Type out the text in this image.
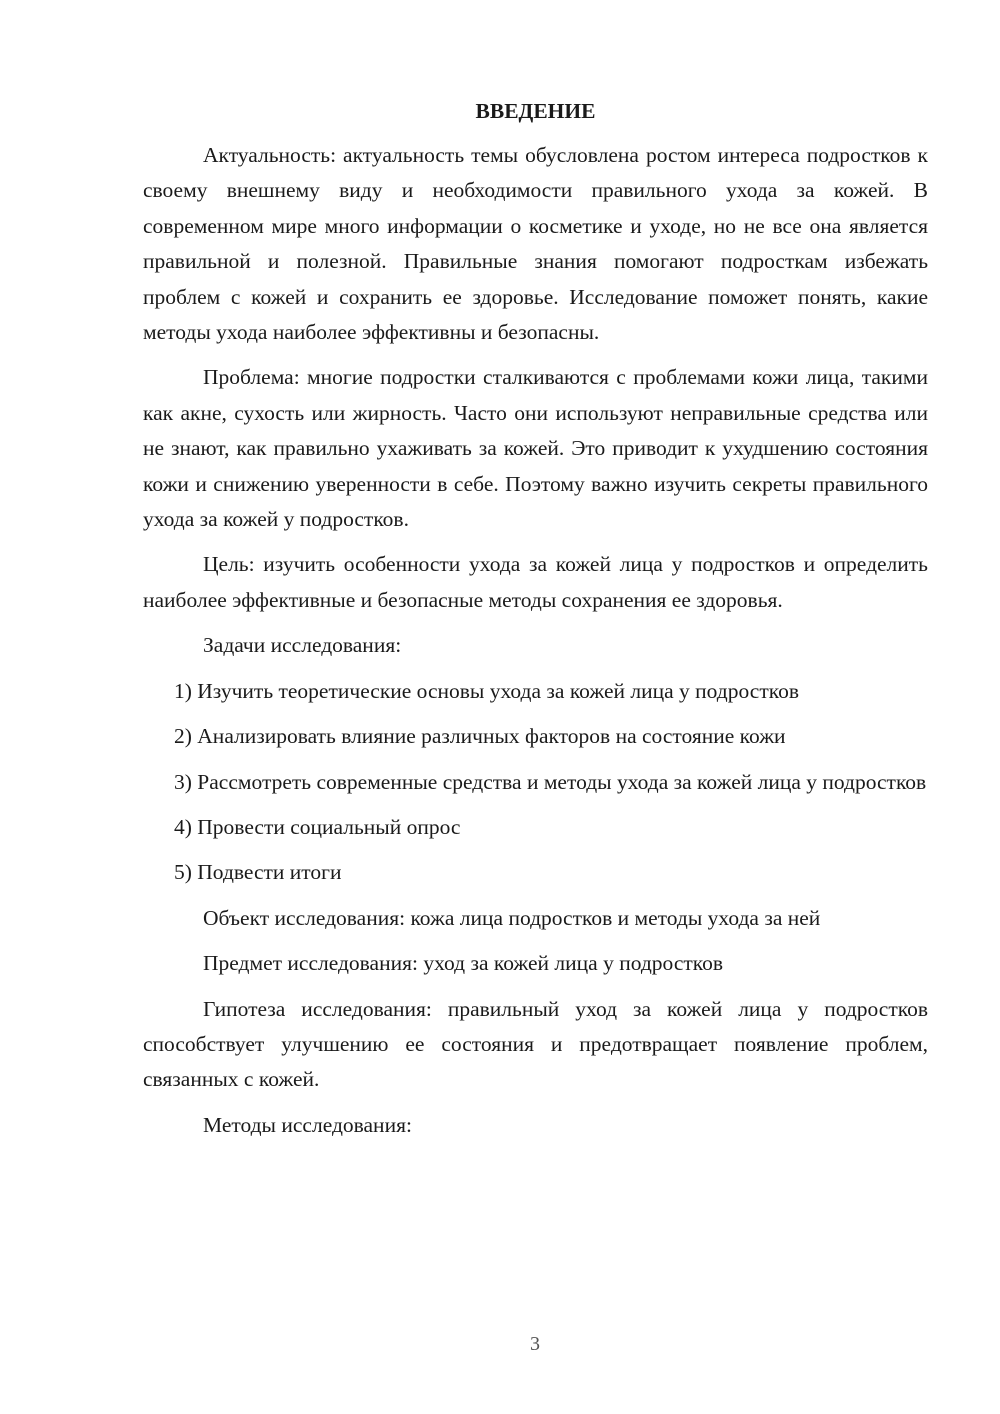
ВВЕДЕНИЕ

Актуальность: актуальность темы обусловлена ростом интереса подростков к своему внешнему виду и необходимости правильного ухода за кожей. В современном мире много информации о косметике и уходе, но не все она является правильной и полезной. Правильные знания помогают подросткам избежать проблем с кожей и сохранить ее здоровье. Исследование поможет понять, какие методы ухода наиболее эффективны и безопасны.

Проблема: многие подростки сталкиваются с проблемами кожи лица, такими как акне, сухость или жирность. Часто они используют неправильные средства или не знают, как правильно ухаживать за кожей. Это приводит к ухудшению состояния кожи и снижению уверенности в себе. Поэтому важно изучить секреты правильного ухода за кожей у подростков.

Цель: изучить особенности ухода за кожей лица у подростков и определить наиболее эффективные и безопасные методы сохранения ее здоровья.

Задачи исследования:

1) Изучить теоретические основы ухода за кожей лица у подростков

2) Анализировать влияние различных факторов на состояние кожи

3) Рассмотреть современные средства и методы ухода за кожей лица у подростков

4) Провести социальный опрос

5) Подвести итоги

Объект исследования: кожа лица подростков и методы ухода за ней

Предмет исследования: уход за кожей лица у подростков

Гипотеза исследования: правильный уход за кожей лица у подростков способствует улучшению ее состояния и предотвращает появление проблем, связанных с кожей.

Методы исследования:

3
